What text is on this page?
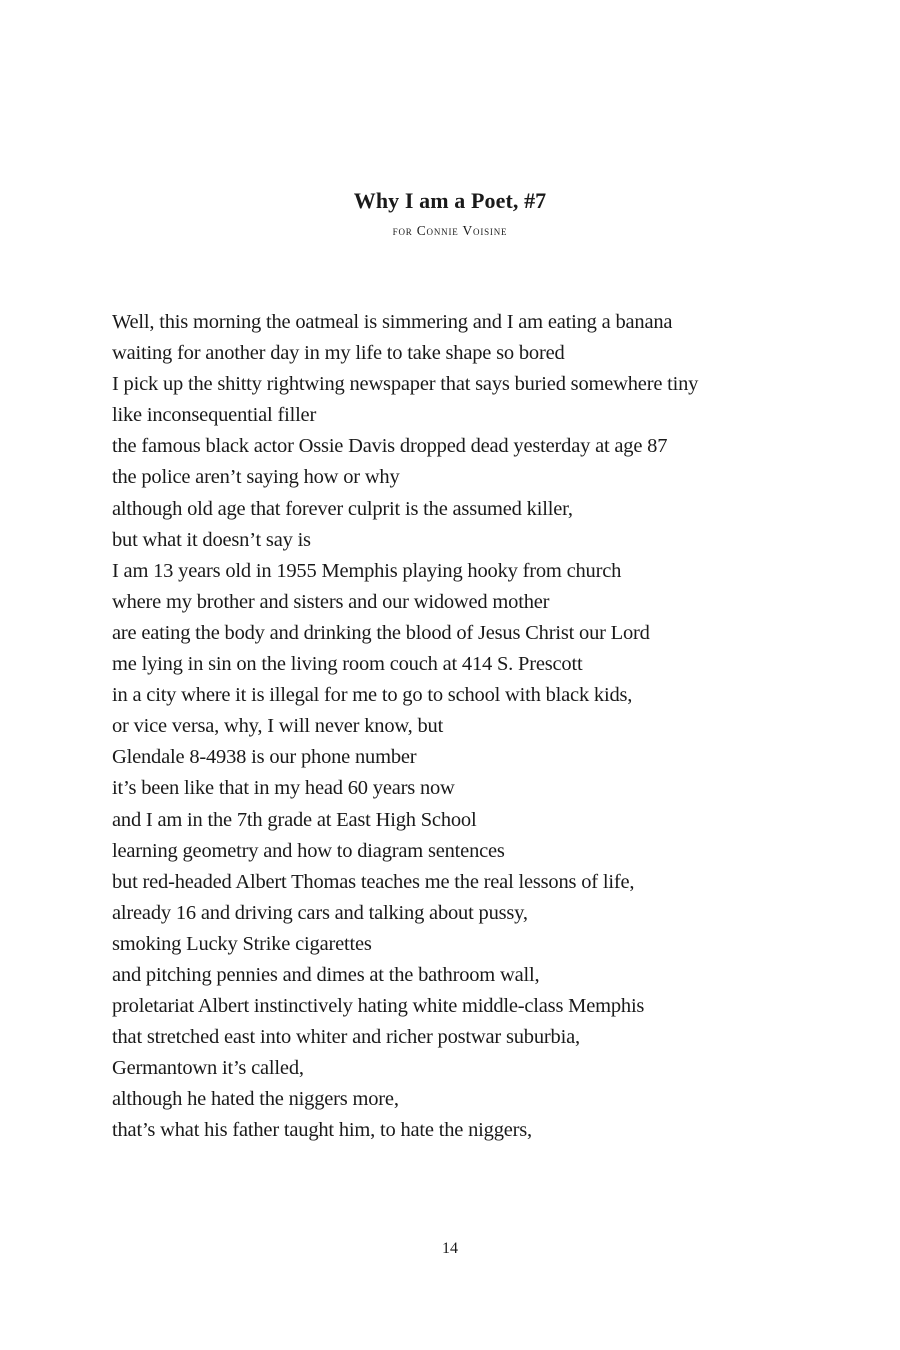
Why I am a Poet, #7
for Connie Voisine
Well, this morning the oatmeal is simmering and I am eating a banana
waiting for another day in my life to take shape so bored
I pick up the shitty rightwing newspaper that says buried somewhere tiny
like inconsequential filler
the famous black actor Ossie Davis dropped dead yesterday at age 87
the police aren’t saying how or why
although old age that forever culprit is the assumed killer,
but what it doesn’t say is
I am 13 years old in 1955 Memphis playing hooky from church
where my brother and sisters and our widowed mother
are eating the body and drinking the blood of Jesus Christ our Lord
me lying in sin on the living room couch at 414 S. Prescott
in a city where it is illegal for me to go to school with black kids,
or vice versa, why, I will never know, but
Glendale 8-4938 is our phone number
it’s been like that in my head 60 years now
and I am in the 7th grade at East High School
learning geometry and how to diagram sentences
but red-headed Albert Thomas teaches me the real lessons of life,
already 16 and driving cars and talking about pussy,
smoking Lucky Strike cigarettes
and pitching pennies and dimes at the bathroom wall,
proletariat Albert instinctively hating white middle-class Memphis
that stretched east into whiter and richer postwar suburbia,
Germantown it’s called,
although he hated the niggers more,
that’s what his father taught him, to hate the niggers,
14
